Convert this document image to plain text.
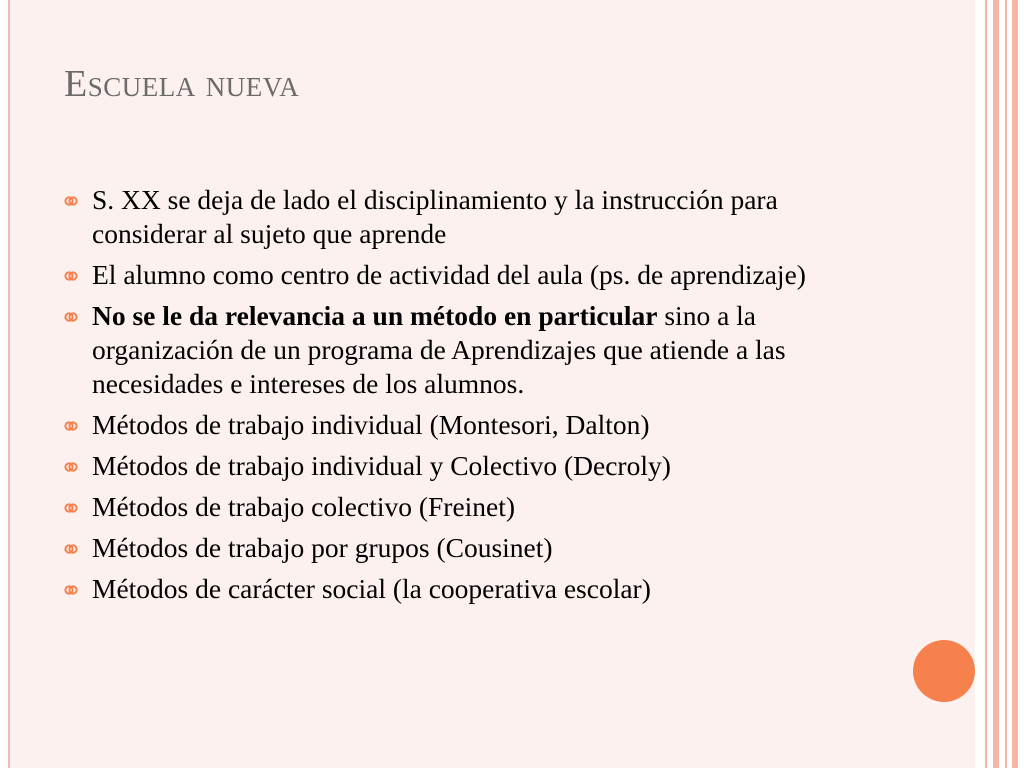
Escuela nueva
S. XX se deja de lado el disciplinamiento y la instrucción para considerar al sujeto que aprende
El alumno como centro de actividad del aula (ps. de aprendizaje)
No se le da relevancia a un método en particular sino a la organización de un programa de Aprendizajes que atiende a las necesidades e intereses de los alumnos.
Métodos de trabajo individual (Montesori, Dalton)
Métodos de trabajo individual y Colectivo (Decroly)
Métodos de trabajo colectivo (Freinet)
Métodos de trabajo por grupos (Cousinet)
Métodos de carácter social (la cooperativa escolar)
